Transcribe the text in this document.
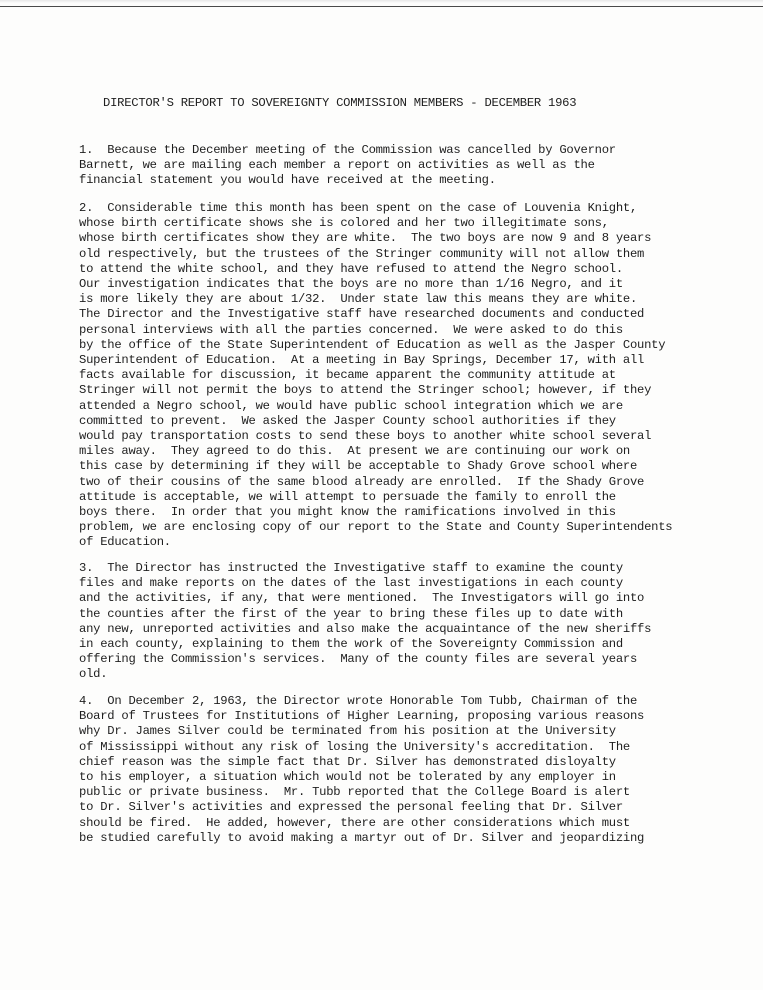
DIRECTOR'S REPORT TO SOVEREIGNTY COMMISSION MEMBERS - DECEMBER 1963
1.  Because the December meeting of the Commission was cancelled by Governor
Barnett, we are mailing each member a report on activities as well as the
financial statement you would have received at the meeting.
2.  Considerable time this month has been spent on the case of Louvenia Knight,
whose birth certificate shows she is colored and her two illegitimate sons,
whose birth certificates show they are white.  The two boys are now 9 and 8 years
old respectively, but the trustees of the Stringer community will not allow them
to attend the white school, and they have refused to attend the Negro school.
Our investigation indicates that the boys are no more than 1/16 Negro, and it
is more likely they are about 1/32.  Under state law this means they are white.
The Director and the Investigative staff have researched documents and conducted
personal interviews with all the parties concerned.  We were asked to do this
by the office of the State Superintendent of Education as well as the Jasper County
Superintendent of Education.  At a meeting in Bay Springs, December 17, with all
facts available for discussion, it became apparent the community attitude at
Stringer will not permit the boys to attend the Stringer school; however, if they
attended a Negro school, we would have public school integration which we are
committed to prevent.  We asked the Jasper County school authorities if they
would pay transportation costs to send these boys to another white school several
miles away.  They agreed to do this.  At present we are continuing our work on
this case by determining if they will be acceptable to Shady Grove school where
two of their cousins of the same blood already are enrolled.  If the Shady Grove
attitude is acceptable, we will attempt to persuade the family to enroll the
boys there.  In order that you might know the ramifications involved in this
problem, we are enclosing copy of our report to the State and County Superintendents
of Education.
3.  The Director has instructed the Investigative staff to examine the county
files and make reports on the dates of the last investigations in each county
and the activities, if any, that were mentioned.  The Investigators will go into
the counties after the first of the year to bring these files up to date with
any new, unreported activities and also make the acquaintance of the new sheriffs
in each county, explaining to them the work of the Sovereignty Commission and
offering the Commission's services.  Many of the county files are several years
old.
4.  On December 2, 1963, the Director wrote Honorable Tom Tubb, Chairman of the
Board of Trustees for Institutions of Higher Learning, proposing various reasons
why Dr. James Silver could be terminated from his position at the University
of Mississippi without any risk of losing the University's accreditation.  The
chief reason was the simple fact that Dr. Silver has demonstrated disloyalty
to his employer, a situation which would not be tolerated by any employer in
public or private business.  Mr. Tubb reported that the College Board is alert
to Dr. Silver's activities and expressed the personal feeling that Dr. Silver
should be fired.  He added, however, there are other considerations which must
be studied carefully to avoid making a martyr out of Dr. Silver and jeopardizing
